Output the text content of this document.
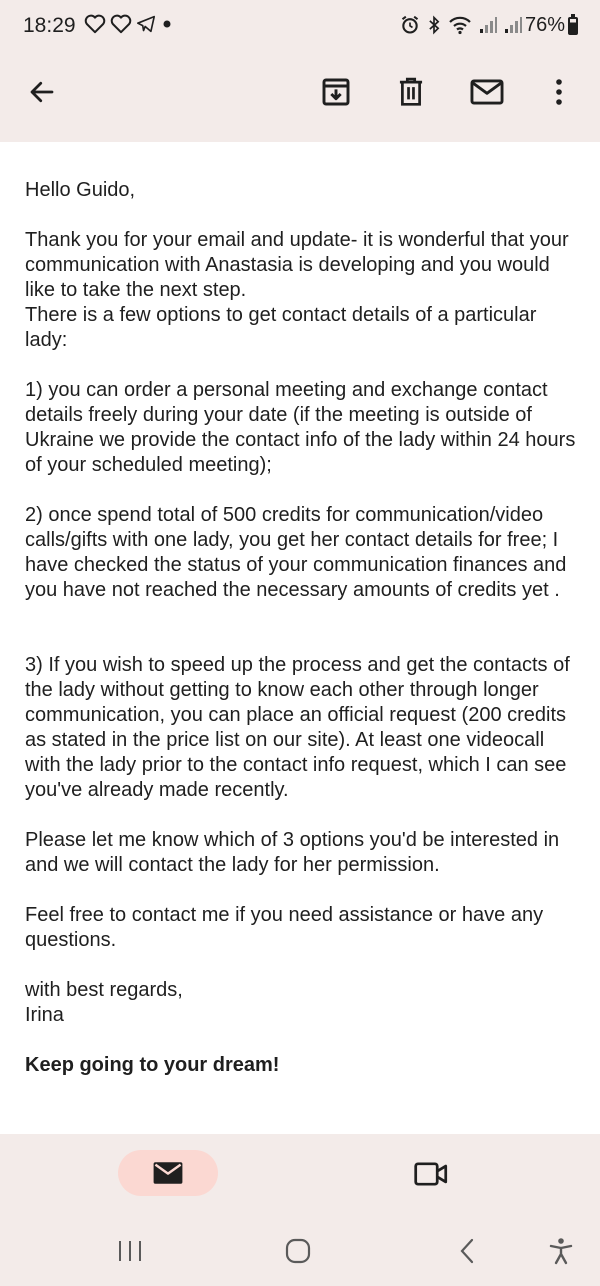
18:29	76%

Hello Guido,

Thank you for your email and update- it is wonderful that your communication with Anastasia is developing and you would like to take the next step.
There is a few options to get contact details of a particular lady:

1) you can order a personal meeting and exchange contact details freely during your date (if the meeting is outside of Ukraine we provide the contact info of the lady within 24 hours of your scheduled meeting);

2) once spend total of 500 credits for communication/video calls/gifts with one lady, you get her contact details for free; I have checked the status of your communication finances and you have not reached the necessary amounts of credits yet .

3) If you wish to speed up the process and get the contacts of the lady without getting to know each other through longer communication, you can place an official request (200 credits as stated in the price list on our site). At least one videocall with the lady prior to the contact info request, which I can see you've already made recently.

Please let me know which of 3 options you'd be interested in and we will contact the lady for her permission.

Feel free to contact me if you need assistance or have any questions.

with best regards,
Irina

Keep going to your dream!
